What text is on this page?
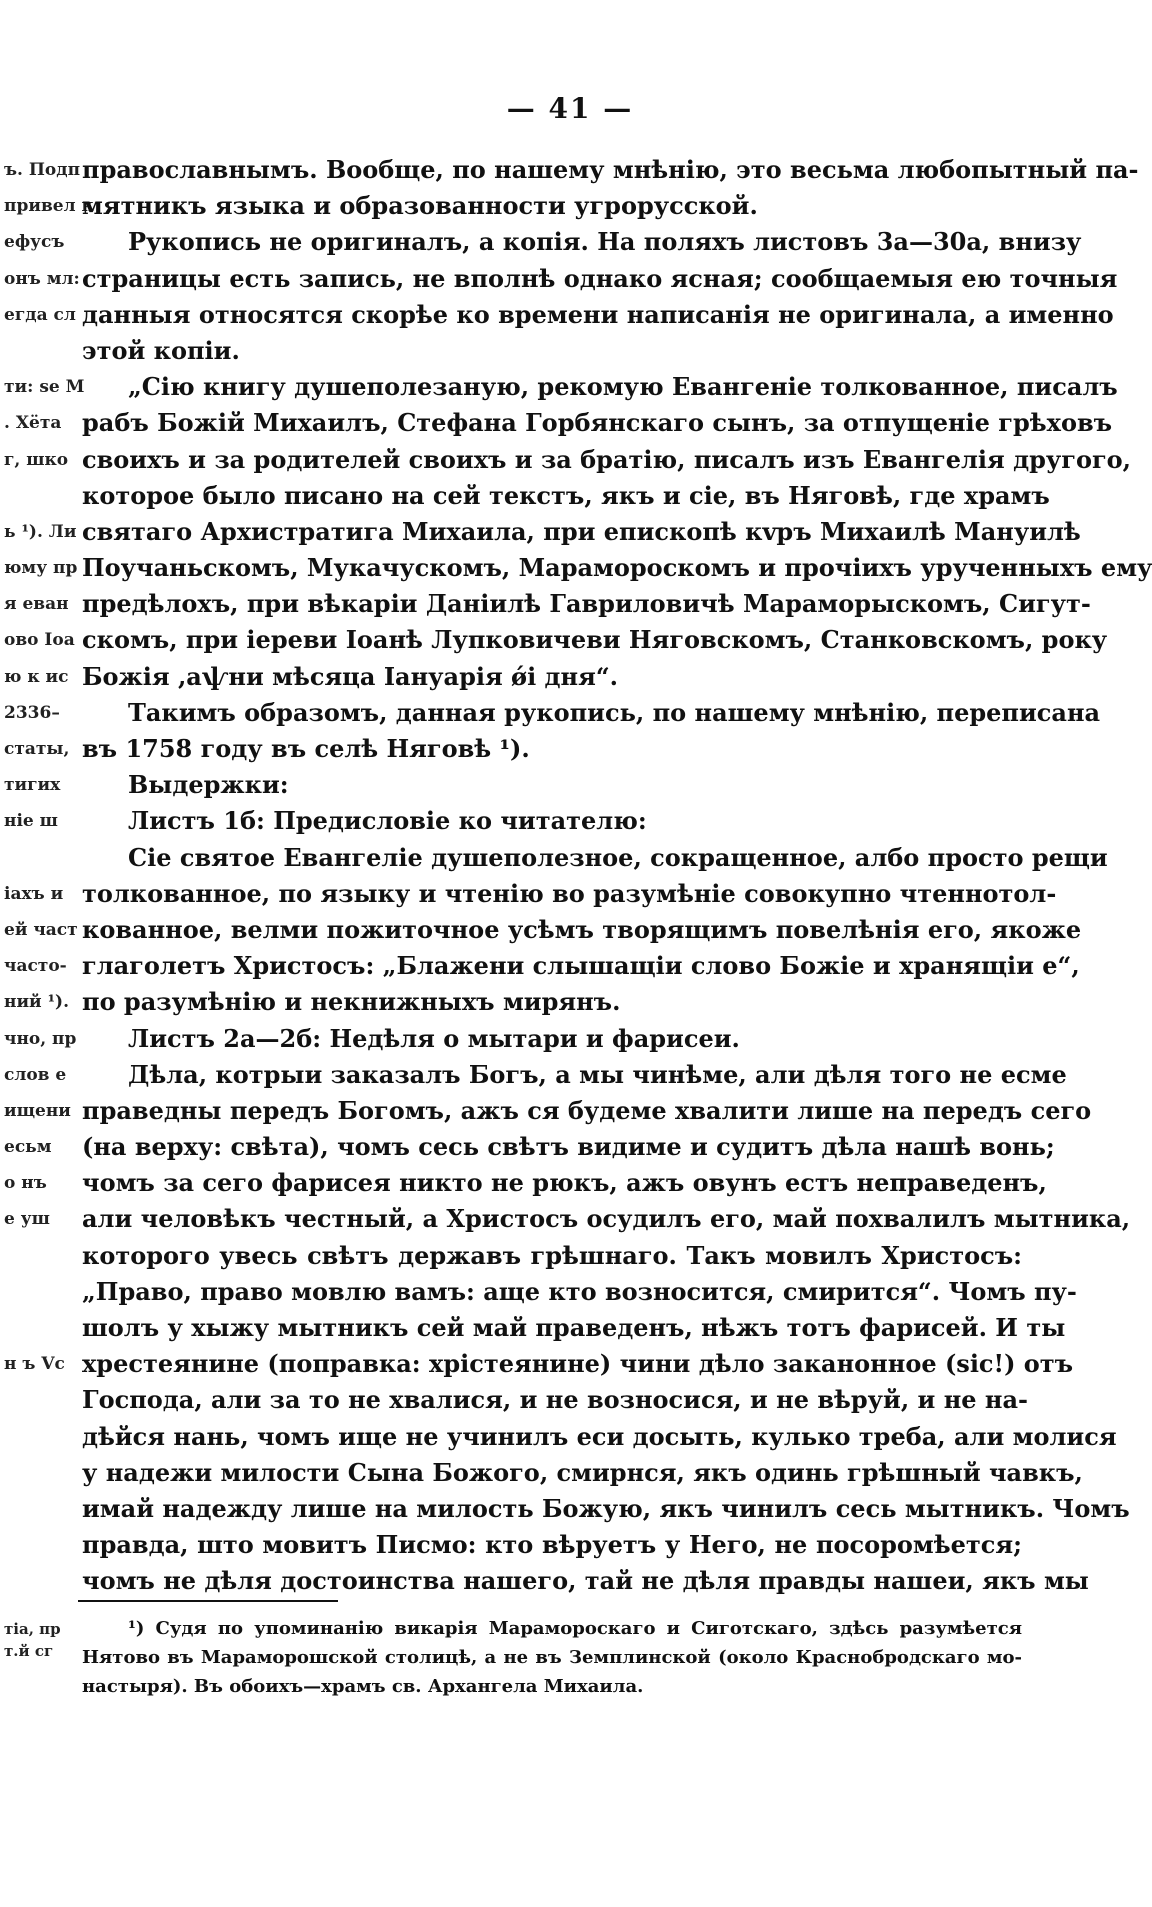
— 41 —
ъ. Подп
привел к
ефусъ
онъ мл:
егда сл
ти: se М
. Хёта
г, шко
ь ¹). Ли
юму пр
я еван
ово Іоа
ю к ис
2336–
статы,
тигих
ніе ш
іахъ и
ей част
часто-
ний ¹).
чно, пр
слов е
ищени
есьм
о нъ
е уш
н ъ Vc
православнымъ. Вообще, по нашему мнѣнію, это весьма любопытный па-
мятникъ языка и образованности угрорусской.
Рукопись не оригиналъ, а копія. На поляхъ листовъ 3а—30а, внизу
страницы есть запись, не вполнѣ однако ясная; сообщаемыя ею точныя
данныя относятся скорѣе ко времени написанія не оригинала, а именно
этой копіи.
„Сію книгу душеполезаную, рекомую Евангеніе толкованное, писалъ
рабъ Божій Михаилъ, Стефана Горбянскаго сынъ, за отпущеніе грѣховъ
своихъ и за родителей своихъ и за братію, писалъ изъ Евангелія другого,
которое было писано на сей текстъ, якъ и сіе, въ Няговѣ, где храмъ
святаго Архистратига Михаила, при епископѣ кvръ Михаилѣ Мануилѣ
Поучаньскомъ, Мукачускомъ, Марамороскомъ и прочіихъ урученныхъ ему
предѣлохъ, при вѣкаріи Даніилѣ Гавриловичѣ Мараморыскомъ, Сигут-
скомъ, при іереви Іоанѣ Лупковичеви Няговскомъ, Станковскомъ, року
Божія ,аѱни мѣсяца Іануарія ǿі дня“.
Такимъ образомъ, данная рукопись, по нашему мнѣнію, переписана
въ 1758 году въ селѣ Няговѣ ¹).
Выдержки:
Листъ 1б: Предисловіе ко читателю:
Сіе святое Евангеліе душеполезное, сокращенное, албо просто рещи
толкованное, по языку и чтенію во разумѣніе совокупно чтеннотол-
кованное, велми пожиточное усѣмъ творящимъ повелѣнія его, якоже
глаголетъ Христосъ: „Блажени слышащіи слово Божіе и хранящіи е“,
по разумѣнію и некнижныхъ мирянъ.
Листъ 2а—2б: Недѣля о мытари и фарисеи.
Дѣла, котрыи заказалъ Богъ, а мы чинѣме, али дѣля того не есме
праведны передъ Богомъ, ажъ ся будеме хвалити лише на передъ сего
(на верху: свѣта), чомъ сесь свѣтъ видиме и судитъ дѣла нашѣ вонь;
чомъ за сего фарисея никто не рюкъ, ажъ овунъ естъ неправеденъ,
али человѣкъ честный, а Христосъ осудилъ его, май похвалилъ мытника,
которого увесь свѣтъ державъ грѣшнаго. Такъ мовилъ Христосъ:
„Право, право мовлю вамъ: аще кто возносится, смирится“. Чомъ пу-
шолъ у хыжу мытникъ сей май праведенъ, нѣжъ тотъ фарисей. И ты
хрестеянине (поправка: хрістеянине) чини дѣло заканонное (sic!) отъ
Господа, али за то не хвалися, и не возносися, и не вѣруй, и не на-
дѣйся нань, чомъ ище не учинилъ еси досыть, кулько треба, али молися
у надежи милости Сына Божого, смирнся, якъ одинь грѣшный чавкъ,
имай надежду лише на милость Божую, якъ чинилъ сесь мытникъ. Чомъ
правда, што мовитъ Писмо: кто вѣруетъ у Него, не посоромѣется;
чомъ не дѣля достоинства нашего, тай не дѣля правды нашеи, якъ мы
тіа, пр
т.й сг
¹) Судя по упоминанію викарія Марамороскаго и Сиготскаго, здѣсь разумѣется
Нятово въ Мараморошской столицѣ, а не въ Земплинской (около Краснобродскаго мо-
настыря). Въ обоихъ—храмъ св. Архангела Михаила.
